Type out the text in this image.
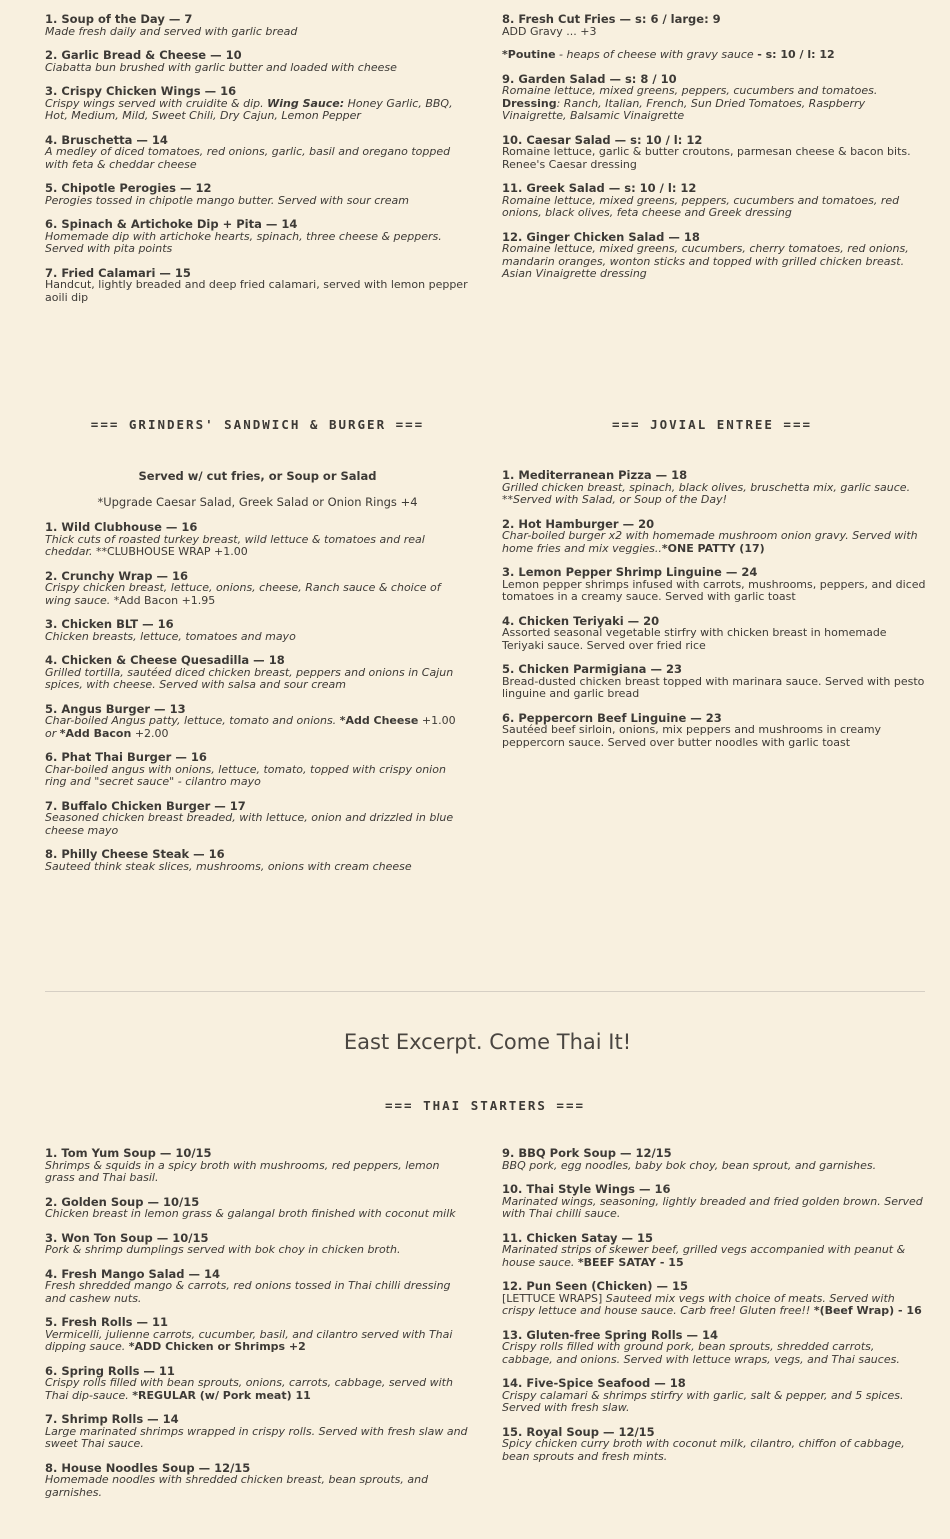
1. Soup of the Day — 7
Made fresh daily and served with garlic bread
2. Garlic Bread & Cheese — 10
Ciabatta bun brushed with garlic butter and loaded with cheese
3. Crispy Chicken Wings — 16
Crispy wings served with cruidite & dip. Wing Sauce: Honey Garlic, BBQ, Hot, Medium, Mild, Sweet Chili, Dry Cajun, Lemon Pepper
4. Bruschetta — 14
A medley of diced tomatoes, red onions, garlic, basil and oregano topped with feta & cheddar cheese
5. Chipotle Perogies — 12
Perogies tossed in chipotle mango butter. Served with sour cream
6. Spinach & Artichoke Dip + Pita — 14
Homemade dip with artichoke hearts, spinach, three cheese & peppers. Served with pita points
7. Fried Calamari — 15
Handcut, lightly breaded and deep fried calamari, served with lemon pepper aoili dip
8. Fresh Cut Fries — s: 6 / large: 9
ADD Gravy ... +3
*Poutine - heaps of cheese with gravy sauce - s: 10 / l: 12
9. Garden Salad — s: 8 / 10
Romaine lettuce, mixed greens, peppers, cucumbers and tomatoes. Dressing: Ranch, Italian, French, Sun Dried Tomatoes, Raspberry Vinaigrette, Balsamic Vinaigrette
10. Caesar Salad — s: 10 / l: 12
Romaine lettuce, garlic & butter croutons, parmesan cheese & bacon bits. Renee's Caesar dressing
11. Greek Salad — s: 10 / l: 12
Romaine lettuce, mixed greens, peppers, cucumbers and tomatoes, red onions, black olives, feta cheese and Greek dressing
12. Ginger Chicken Salad — 18
Romaine lettuce, mixed greens, cucumbers, cherry tomatoes, red onions, mandarin oranges, wonton sticks and topped with grilled chicken breast. Asian Vinaigrette dressing
=== GRINDERS' SANDWICH & BURGER ===	=== JOVIAL ENTREE ===
Served w/ cut fries, or Soup or Salad
*Upgrade Caesar Salad, Greek Salad or Onion Rings +4
1. Wild Clubhouse — 16
Thick cuts of roasted turkey breast, wild lettuce & tomatoes and real cheddar. **CLUBHOUSE WRAP +1.00
2. Crunchy Wrap — 16
Crispy chicken breast, lettuce, onions, cheese, Ranch sauce & choice of wing sauce. *Add Bacon +1.95
3. Chicken BLT — 16
Chicken breasts, lettuce, tomatoes and mayo
4. Chicken & Cheese Quesadilla — 18
Grilled tortilla, sautéed diced chicken breast, peppers and onions in Cajun spices, with cheese. Served with salsa and sour cream
5. Angus Burger — 13
Char-boiled Angus patty, lettuce, tomato and onions. *Add Cheese +1.00 or *Add Bacon +2.00
6. Phat Thai Burger — 16
Char-boiled angus with onions, lettuce, tomato, topped with crispy onion ring and "secret sauce" - cilantro mayo
7. Buffalo Chicken Burger — 17
Seasoned chicken breast breaded, with lettuce, onion and drizzled in blue cheese mayo
8. Philly Cheese Steak — 16
Sauteed think steak slices, mushrooms, onions with cream cheese
1. Mediterranean Pizza — 18
Grilled chicken breast, spinach, black olives, bruschetta mix, garlic sauce. **Served with Salad, or Soup of the Day!
2. Hot Hamburger — 20
Char-boiled burger x2 with homemade mushroom onion gravy. Served with home fries and mix veggies..*ONE PATTY (17)
3. Lemon Pepper Shrimp Linguine — 24
Lemon pepper shrimps infused with carrots, mushrooms, peppers, and diced tomatoes in a creamy sauce. Served with garlic toast
4. Chicken Teriyaki — 20
Assorted seasonal vegetable stirfry with chicken breast in homemade Teriyaki sauce. Served over fried rice
5. Chicken Parmigiana — 23
Bread-dusted chicken breast topped with marinara sauce. Served with pesto linguine and garlic bread
6. Peppercorn Beef Linguine — 23
Sautéed beef sirloin, onions, mix peppers and mushrooms in creamy peppercorn sauce. Served over butter noodles with garlic toast
East Excerpt. Come Thai It!
=== THAI STARTERS ===
1. Tom Yum Soup — 10/15
Shrimps & squids in a spicy broth with mushrooms, red peppers, lemon grass and Thai basil.
2. Golden Soup — 10/15
Chicken breast in lemon grass & galangal broth finished with coconut milk
3. Won Ton Soup — 10/15
Pork & shrimp dumplings served with bok choy in chicken broth.
4. Fresh Mango Salad — 14
Fresh shredded mango & carrots, red onions tossed in Thai chilli dressing and cashew nuts.
5. Fresh Rolls — 11
Vermicelli, julienne carrots, cucumber, basil, and cilantro served with Thai dipping sauce. *ADD Chicken or Shrimps +2
6. Spring Rolls — 11
Crispy rolls filled with bean sprouts, onions, carrots, cabbage, served with Thai dip-sauce. *REGULAR (w/ Pork meat) 11
7. Shrimp Rolls — 14
Large marinated shrimps wrapped in crispy rolls. Served with fresh slaw and sweet Thai sauce.
8. House Noodles Soup — 12/15
Homemade noodles with shredded chicken breast, bean sprouts, and garnishes.
9. BBQ Pork Soup — 12/15
BBQ pork, egg noodles, baby bok choy, bean sprout, and garnishes.
10. Thai Style Wings — 16
Marinated wings, seasoning, lightly breaded and fried golden brown. Served with Thai chilli sauce.
11. Chicken Satay — 15
Marinated strips of skewer beef, grilled vegs accompanied with peanut & house sauce. *BEEF SATAY - 15
12. Pun Seen (Chicken) — 15
[LETTUCE WRAPS] Sauteed mix vegs with choice of meats. Served with crispy lettuce and house sauce. Carb free! Gluten free!! *(Beef Wrap) - 16
13. Gluten-free Spring Rolls — 14
Crispy rolls filled with ground pork, bean sprouts, shredded carrots, cabbage, and onions. Served with lettuce wraps, vegs, and Thai sauces.
14. Five-Spice Seafood — 18
Crispy calamari & shrimps stirfry with garlic, salt & pepper, and 5 spices. Served with fresh slaw.
15. Royal Soup — 12/15
Spicy chicken curry broth with coconut milk, cilantro, chiffon of cabbage, bean sprouts and fresh mints.
